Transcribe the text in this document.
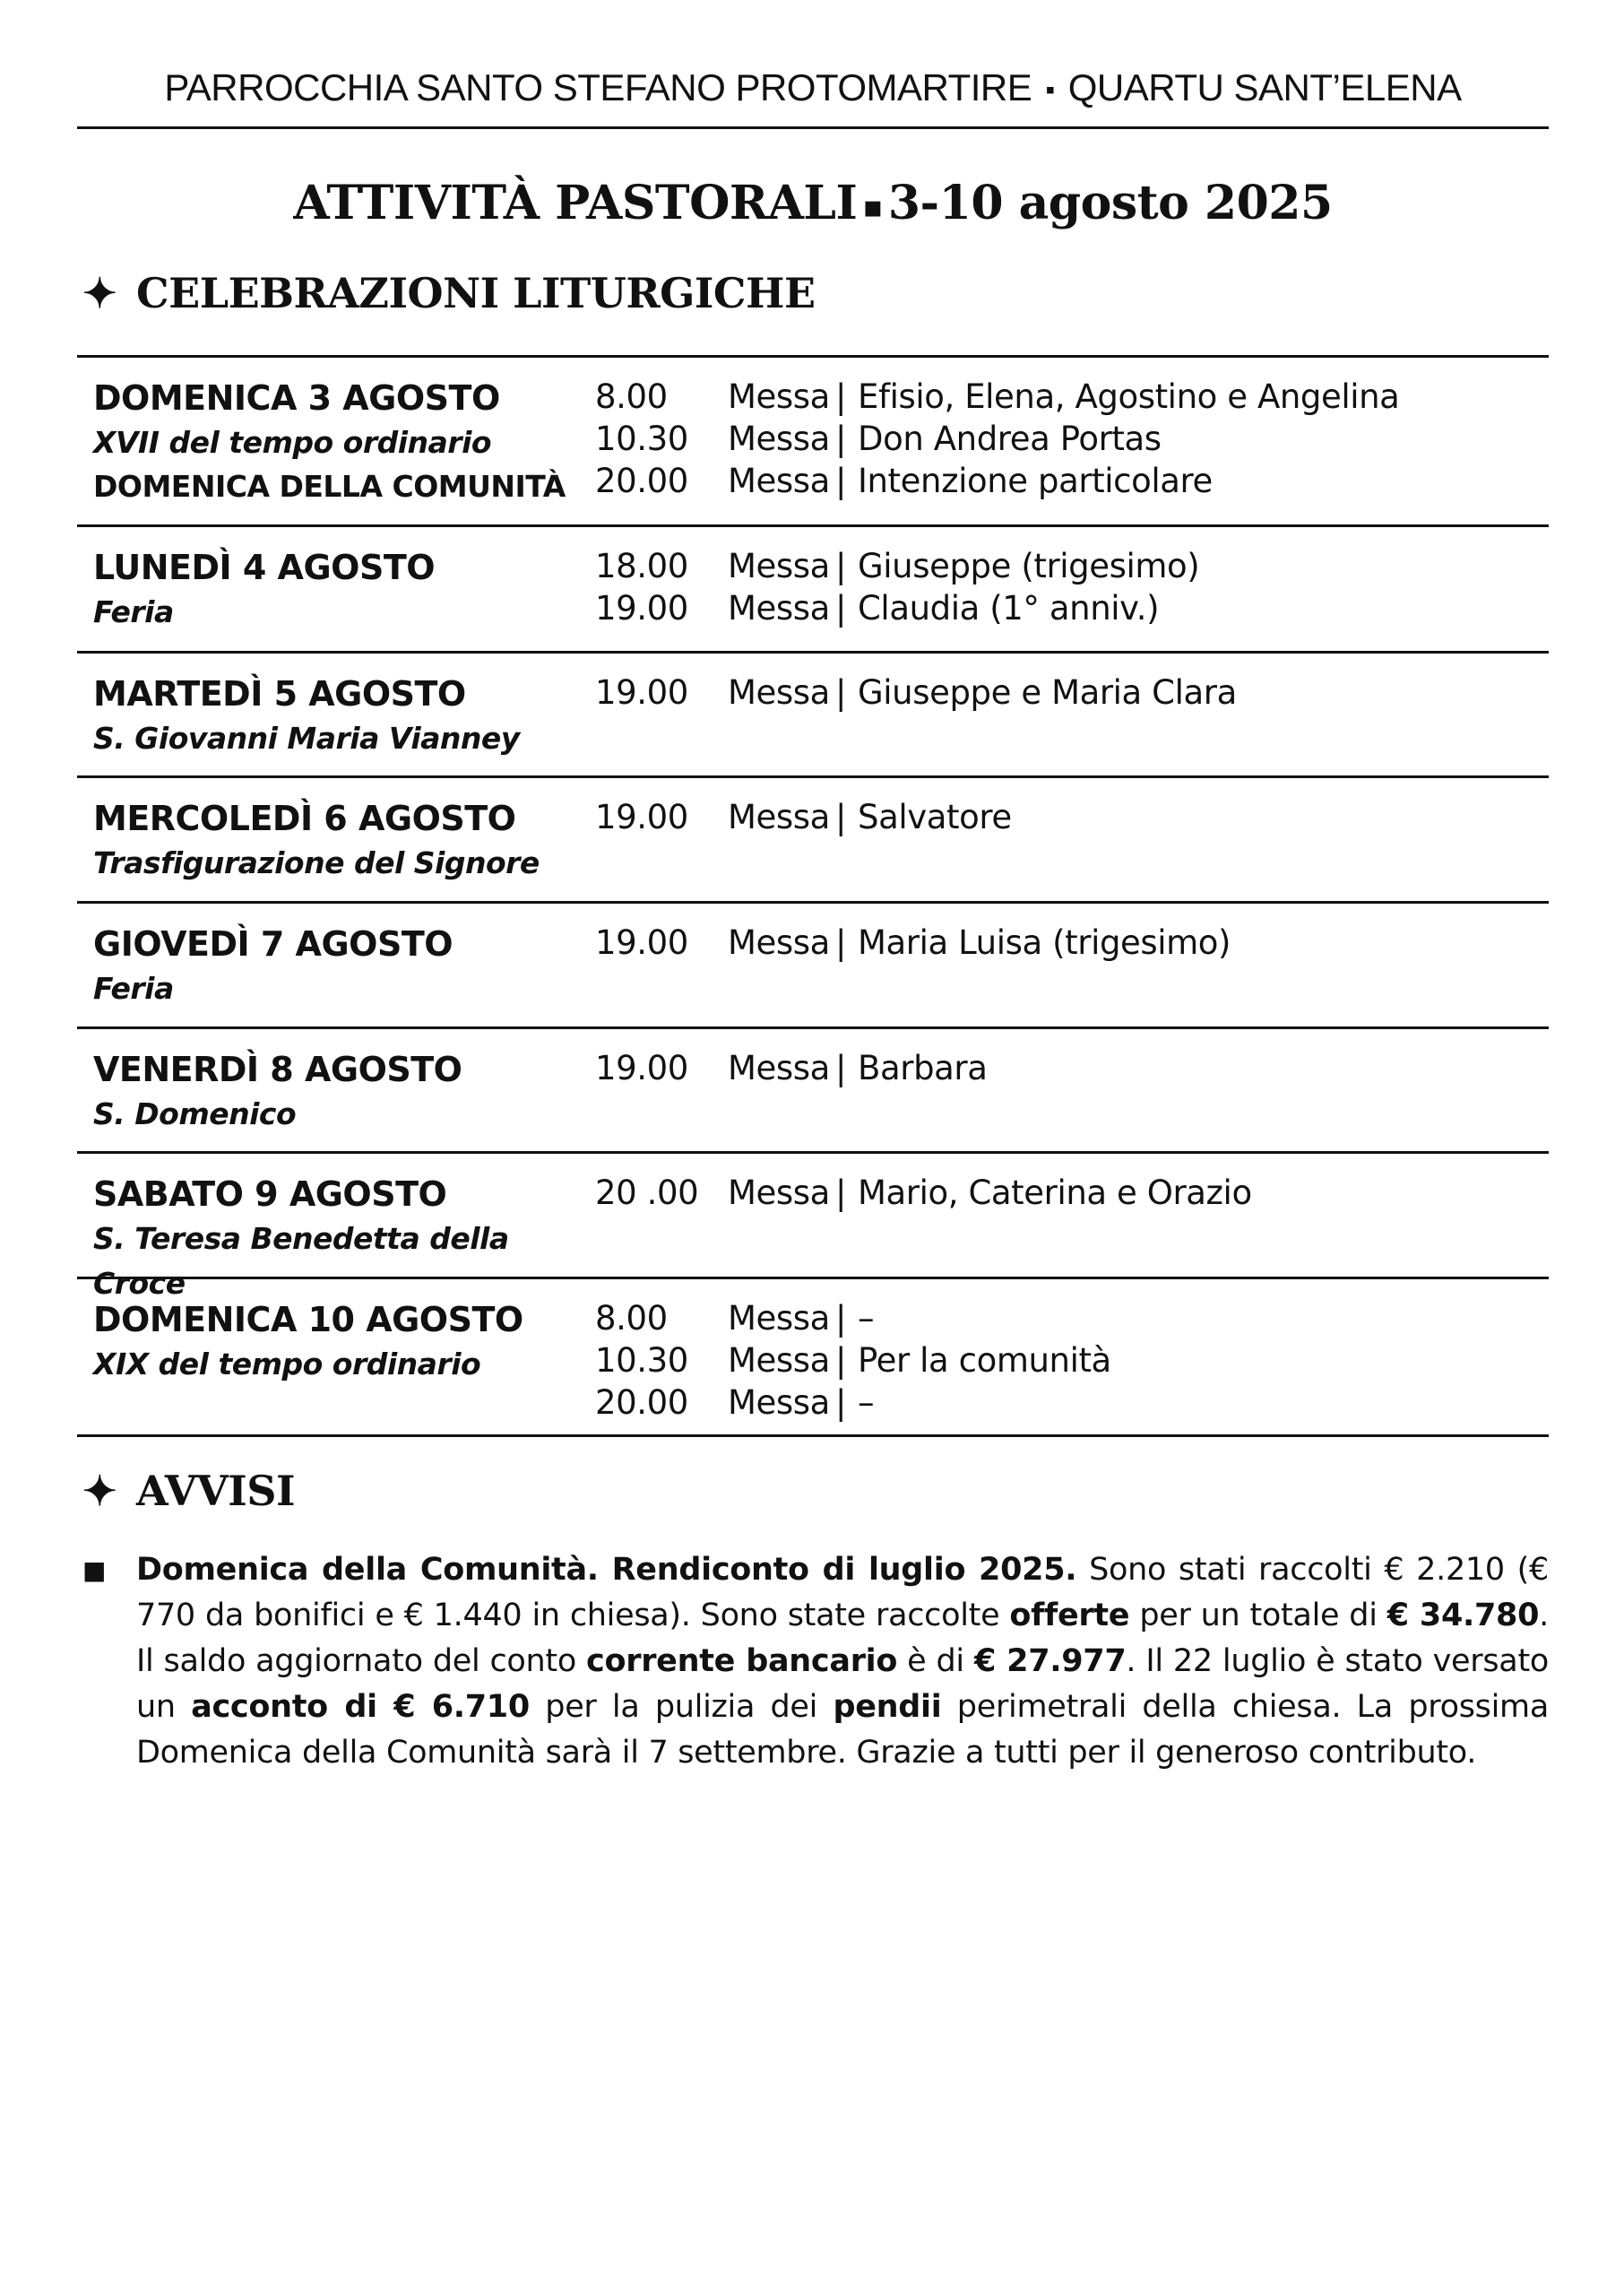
PARROCCHIA SANTO STEFANO PROTOMARTIRE ▪ QUARTU SANT’ELENA
ATTIVITÀ PASTORALI ▪ 3-10 agosto 2025
✦ CELEBRAZIONI LITURGICHE
DOMENICA 3 AGOSTO
XVII del tempo ordinario
DOMENICA DELLA COMUNITÀ
8.00	Messa | Efisio, Elena, Agostino e Angelina
10.30	Messa | Don Andrea Portas
20.00	Messa | Intenzione particolare
LUNEDÌ 4 AGOSTO
Feria
18.00	Messa | Giuseppe (trigesimo)
19.00	Messa | Claudia (1° anniv.)
MARTEDÌ 5 AGOSTO
S. Giovanni Maria Vianney
19.00	Messa | Giuseppe e Maria Clara
MERCOLEDÌ 6 AGOSTO
Trasfigurazione del Signore
19.00	Messa | Salvatore
GIOVEDÌ 7 AGOSTO
Feria
19.00	Messa | Maria Luisa (trigesimo)
VENERDÌ 8 AGOSTO
S. Domenico
19.00	Messa | Barbara
SABATO 9 AGOSTO
S. Teresa Benedetta della Croce
20 .00 Messa | Mario, Caterina e Orazio
DOMENICA 10 AGOSTO
XIX del tempo ordinario
8.00	Messa | –
10.30	Messa | Per la comunità
20.00	Messa | –
✦ AVVISI
■ Domenica della Comunità. Rendiconto di luglio 2025. Sono stati raccolti € 2.210 (€ 770 da bonifici e € 1.440 in chiesa). Sono state raccolte offerte per un totale di € 34.780. Il saldo aggiornato del conto corrente bancario è di € 27.977. Il 22 luglio è stato versato un acconto di € 6.710 per la pulizia dei pendii perimetrali della chiesa. La prossima Domenica della Comunità sarà il 7 settembre. Grazie a tutti per il generoso contributo.
